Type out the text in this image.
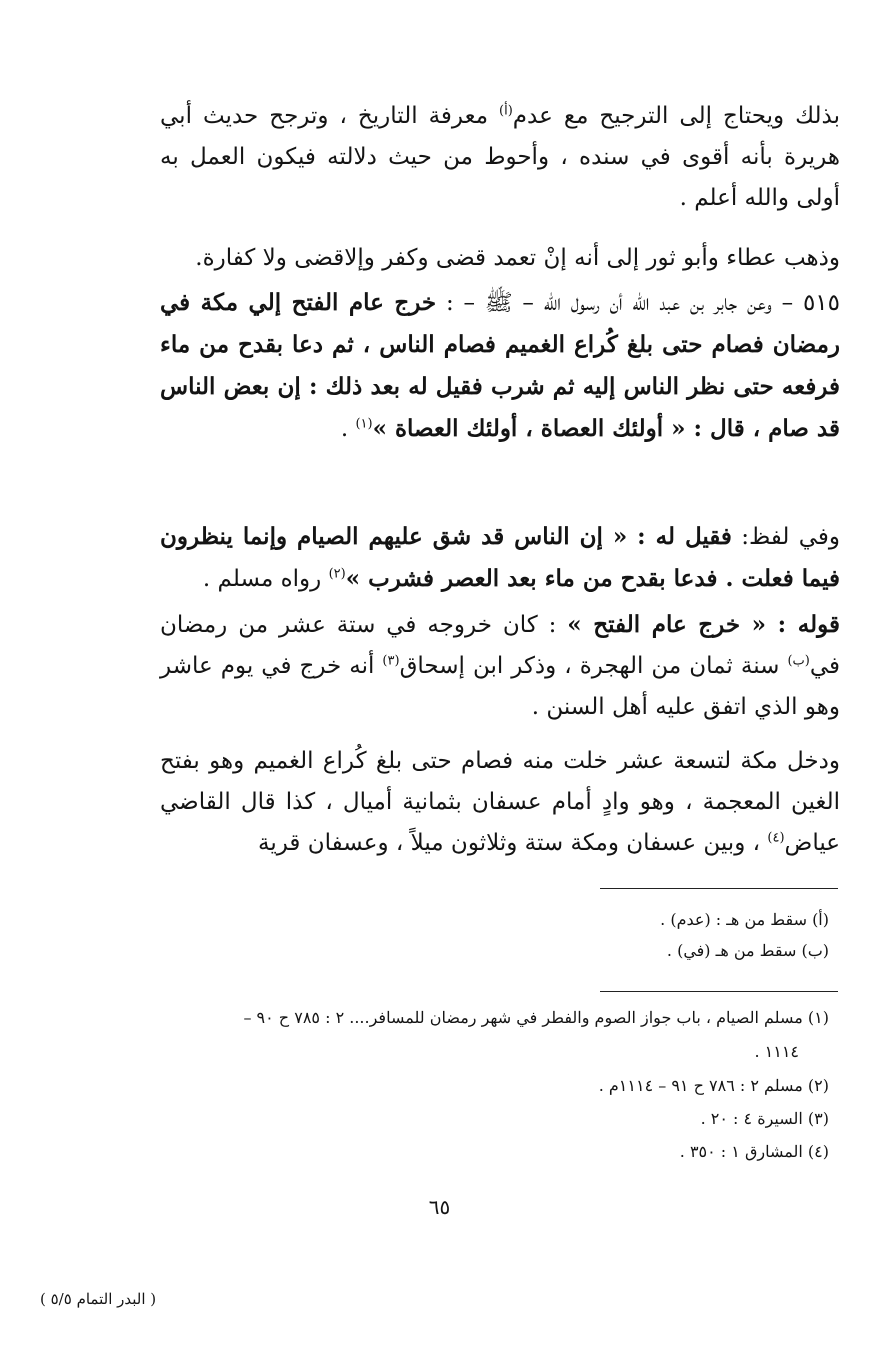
بذلك ويحتاج إلى الترجيح مع عدم$^{(أ)}$ معرفة التاريخ ، وترجح حديث أبي هريرة بأنه أقوى في سنده ، وأحوط من حيث دلالته فيكون العمل به أولى والله أعلم .

وذهب عطاء وأبو ثور إلى أنه إنْ تعمد قضى وكفر وإلاقضى ولا كفارة.

٥١٥ – وعن جابر بن عبد الله أن رسول الله – ﷺ – : خرج عام الفتح إلي مكة في رمضان فصام حتى بلغ كُراع الغميم فصام الناس ، ثم دعا بقدح من ماء فرفعه حتى نظر الناس إليه ثم شرب فقيل له بعد ذلك : إن بعض الناس قد صام ، قال : « أولئك العصاة ، أولئك العصاة »$^{(١)}$ .

وفي لفظ: فقيل له : « إن الناس قد شق عليهم الصيام وإنما ينظرون فيما فعلت . فدعا بقدح من ماء بعد العصر فشرب »$^{(٢)}$ رواه مسلم .

قوله : « خرج عام الفتح » : كان خروجه في ستة عشر من رمضان في$^{(ب)}$ سنة ثمان من الهجرة ، وذكر ابن إسحاق$^{(٣)}$ أنه خرج في يوم عاشر وهو الذي اتفق عليه أهل السنن .

ودخل مكة لتسعة عشر خلت منه فصام حتى بلغ كُراع الغميم وهو بفتح الغين المعجمة ، وهو وادٍ أمام عسفان بثمانية أميال ، كذا قال القاضي عياض$^{(٤)}$ ، وبين عسفان ومكة ستة وثلاثون ميلاً ، وعسفان قرية

(أ) سقط من هـ : (عدم) .
(ب) سقط من هـ (في) .
(١) مسلم الصيام ، باب جواز الصوم والفطر في شهر رمضان للمسافر.... ٢ : ٧٨٥ ح ٩٠ –
١١١٤ .
(٢) مسلم ٢ : ٧٨٦ ح ٩١ – ١١١٤م .
(٣) السيرة ٤ : ٢٠ .
(٤) المشارق ١ : ٣٥٠ .
٦٥
( البدر التمام ٥/٥ )
